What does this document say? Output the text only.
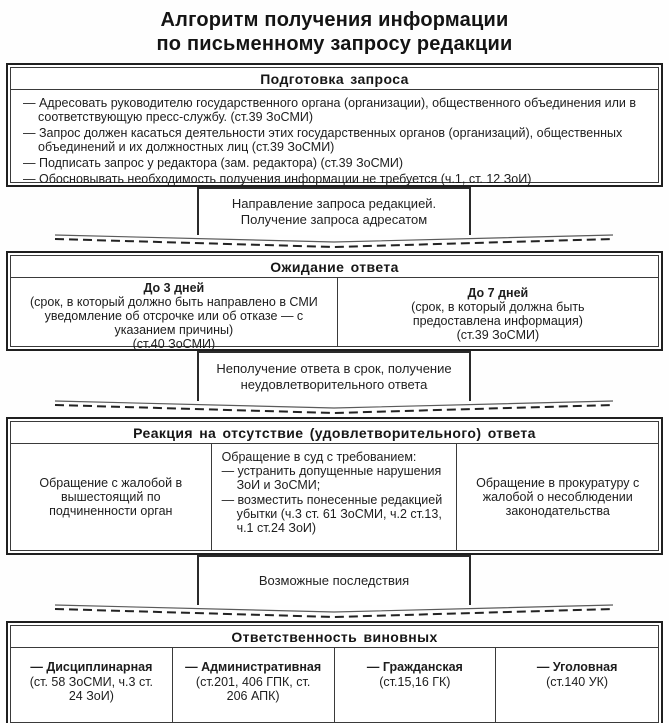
Алгоритм получения информации
по письменному запросу редакции
Подготовка запроса
— Адресовать руководителю государственного органа (организации), общественного объединения или в соответствующую пресс-службу. (ст.39 ЗоСМИ)
— Запрос должен касаться деятельности этих государственных органов (организаций), общественных объединений и их должностных лиц (ст.39 ЗоСМИ)
— Подписать запрос у редактора (зам. редактора) (ст.39 ЗоСМИ)
— Обосновывать необходимость получения информации не требуется (ч.1, ст. 12 ЗоИ)
Направление запроса редакцией.
Получение запроса адресатом
Ожидание ответа
До 3 дней
(срок, в который должно быть направлено в СМИ уведомление об отсрочке или об отказе — с указанием причины)
(ст.40 ЗоСМИ)
До 7 дней
(срок, в который должна быть предоставлена информация)
(ст.39 ЗоСМИ)
Неполучение ответа в срок, получение неудовлетворительного ответа
Реакция на отсутствие (удовлетворительного) ответа
Обращение с жалобой в вышестоящий по подчиненности орган
Обращение в суд с требованием:
— устранить допущенные нарушения ЗоИ и ЗоСМИ;
— возместить понесенные редакцией убытки (ч.3 ст. 61 ЗоСМИ, ч.2 ст.13, ч.1 ст.24 ЗоИ)
Обращение в прокуратуру с жалобой о несоблюдении законодательства
Возможные последствия
Ответственность виновных
— Дисциплинарная
(ст. 58 ЗоСМИ, ч.3 ст. 24 ЗоИ)
— Административная
(ст.201, 406 ГПК, ст. 206 АПК)
— Гражданская
(ст.15,16 ГК)
— Уголовная
(ст.140 УК)
